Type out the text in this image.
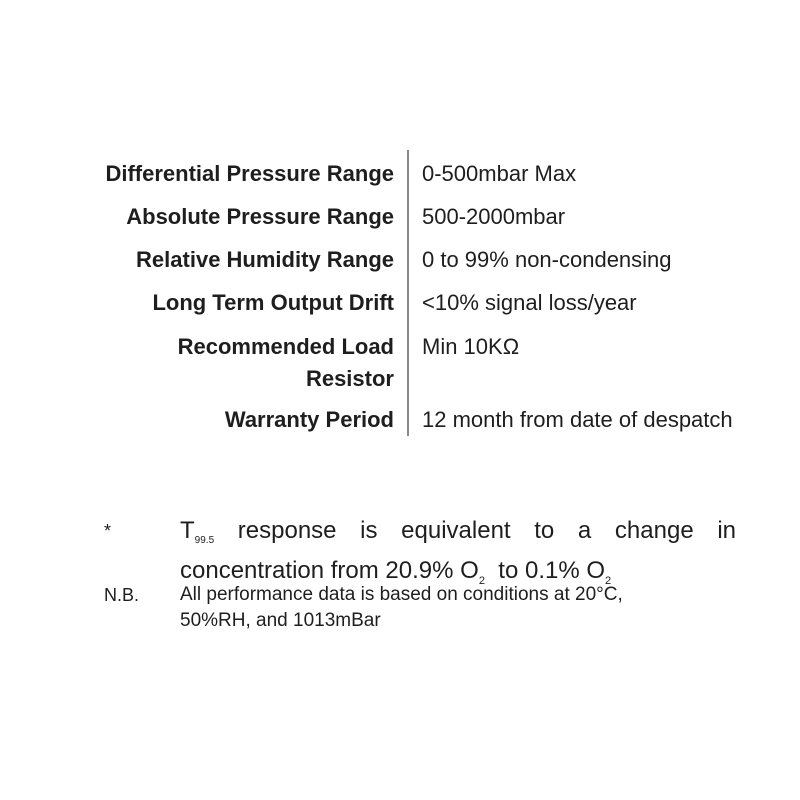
Differential Pressure Range 0-500mbar Max
Absolute Pressure Range 500-2000mbar
Relative Humidity Range 0 to 99% non-condensing
Long Term Output Drift <10% signal loss/year
Recommended Load Resistor
Min 10KΩ
Warranty Period 12 month from date of despatch
*	$T_{99.5}$ response is equivalent to a change in
concentration from 20.9% $O_2$  to 0.1% $O_2$
N.B. All performance data is based on conditions at 20°C,
50%RH, and 1013mBar
